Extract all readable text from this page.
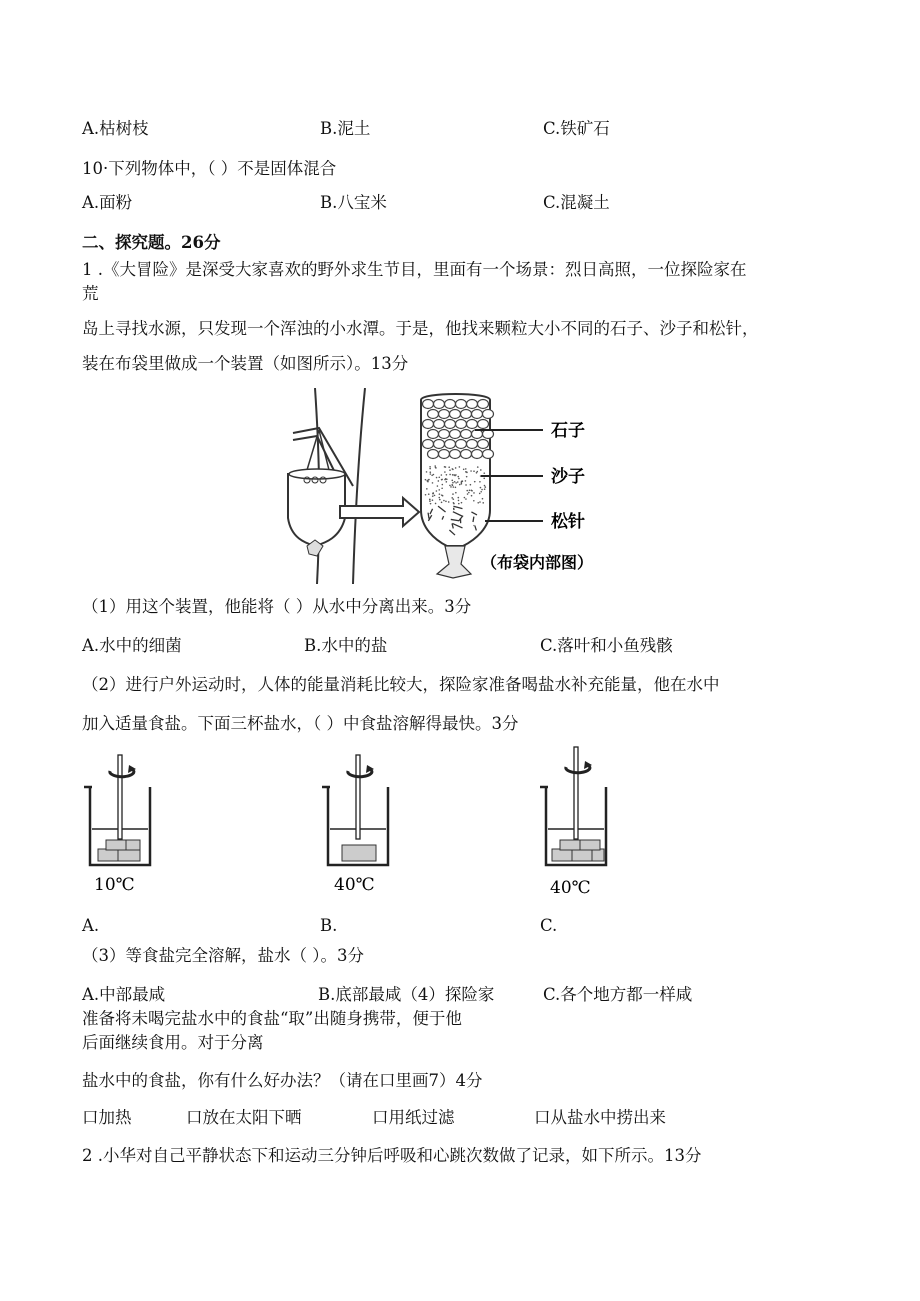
A.枯树枝	B.泥土	C.铁矿石
10·下列物体中，（ ）不是固体混合
A.面粉	B.八宝米	C.混凝土
二、探究题。26分
1 .《大冒险》是深受大家喜欢的野外求生节目，里面有一个场景：烈日高照，一位探险家在
荒
岛上寻找水源，只发现一个浑浊的小水潭。于是，他找来颗粒大小不同的石子、沙子和松针，
装在布袋里做成一个装置（如图所示）。13分
石子
沙子
松针
（布袋内部图）
（1）用这个装置，他能将（ ）从水中分离出来。3分
A.水中的细菌	B.水中的盐	C.落叶和小鱼残骸
（2）进行户外运动时，人体的能量消耗比较大，探险家准备喝盐水补充能量，他在水中
加入适量食盐。下面三杯盐水，（ ）中食盐溶解得最快。3分
10℃	40℃	40℃
A.	B.	C.
（3）等食盐完全溶解，盐水（ ）。3分
A.中部最咸	B.底部最咸（4）探险家	C.各个地方都一样咸
准备将未喝完盐水中的食盐“取”出随身携带，便于他
后面继续食用。对于分离
盐水中的食盐，你有什么好办法？（请在口里画7）4分
口加热	口放在太阳下晒	口用纸过滤	口从盐水中捞出来
2 .小华对自己平静状态下和运动三分钟后呼吸和心跳次数做了记录，如下所示。13分
